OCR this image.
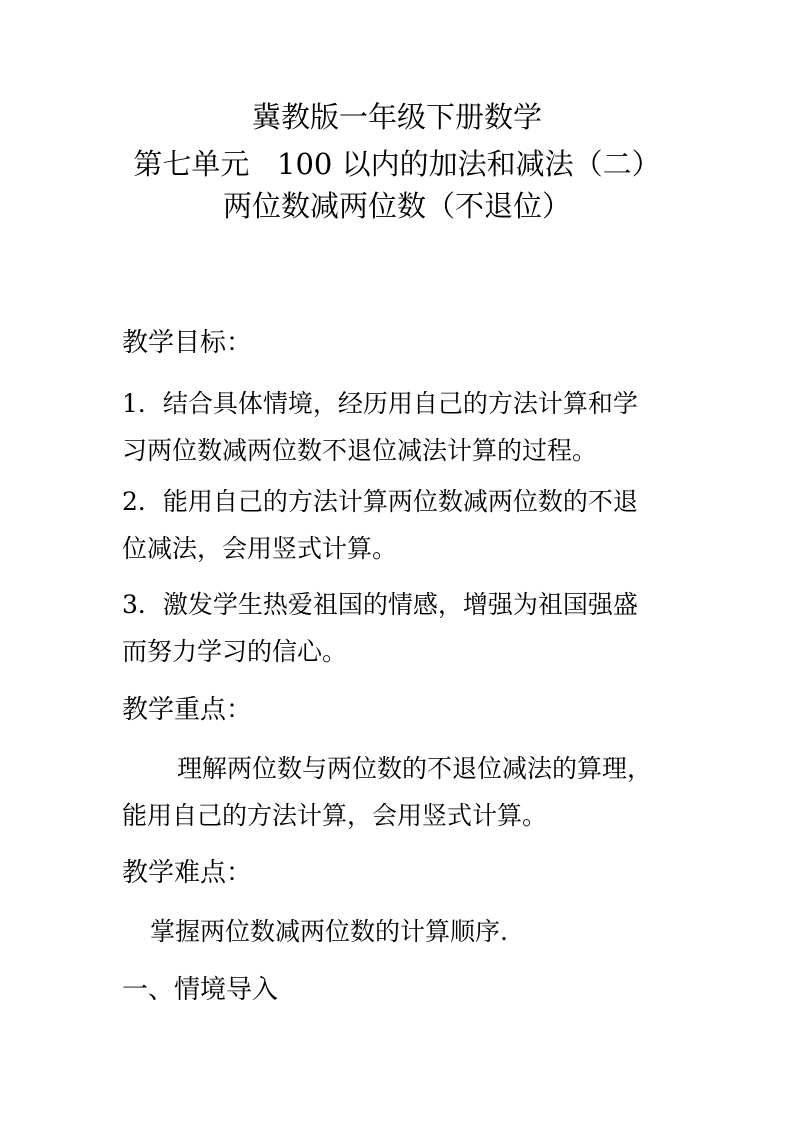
冀教版一年级下册数学
第七单元   100 以内的加法和减法（二）
两位数减两位数（不退位）
教学目标：
1．结合具体情境，经历用自己的方法计算和学
习两位数减两位数不退位减法计算的过程。
2．能用自己的方法计算两位数减两位数的不退
位减法，会用竖式计算。
3．激发学生热爱祖国的情感，增强为祖国强盛
而努力学习的信心。
教学重点：
理解两位数与两位数的不退位减法的算理，
能用自己的方法计算，会用竖式计算。
教学难点：
掌握两位数减两位数的计算顺序.
一、情境导入
